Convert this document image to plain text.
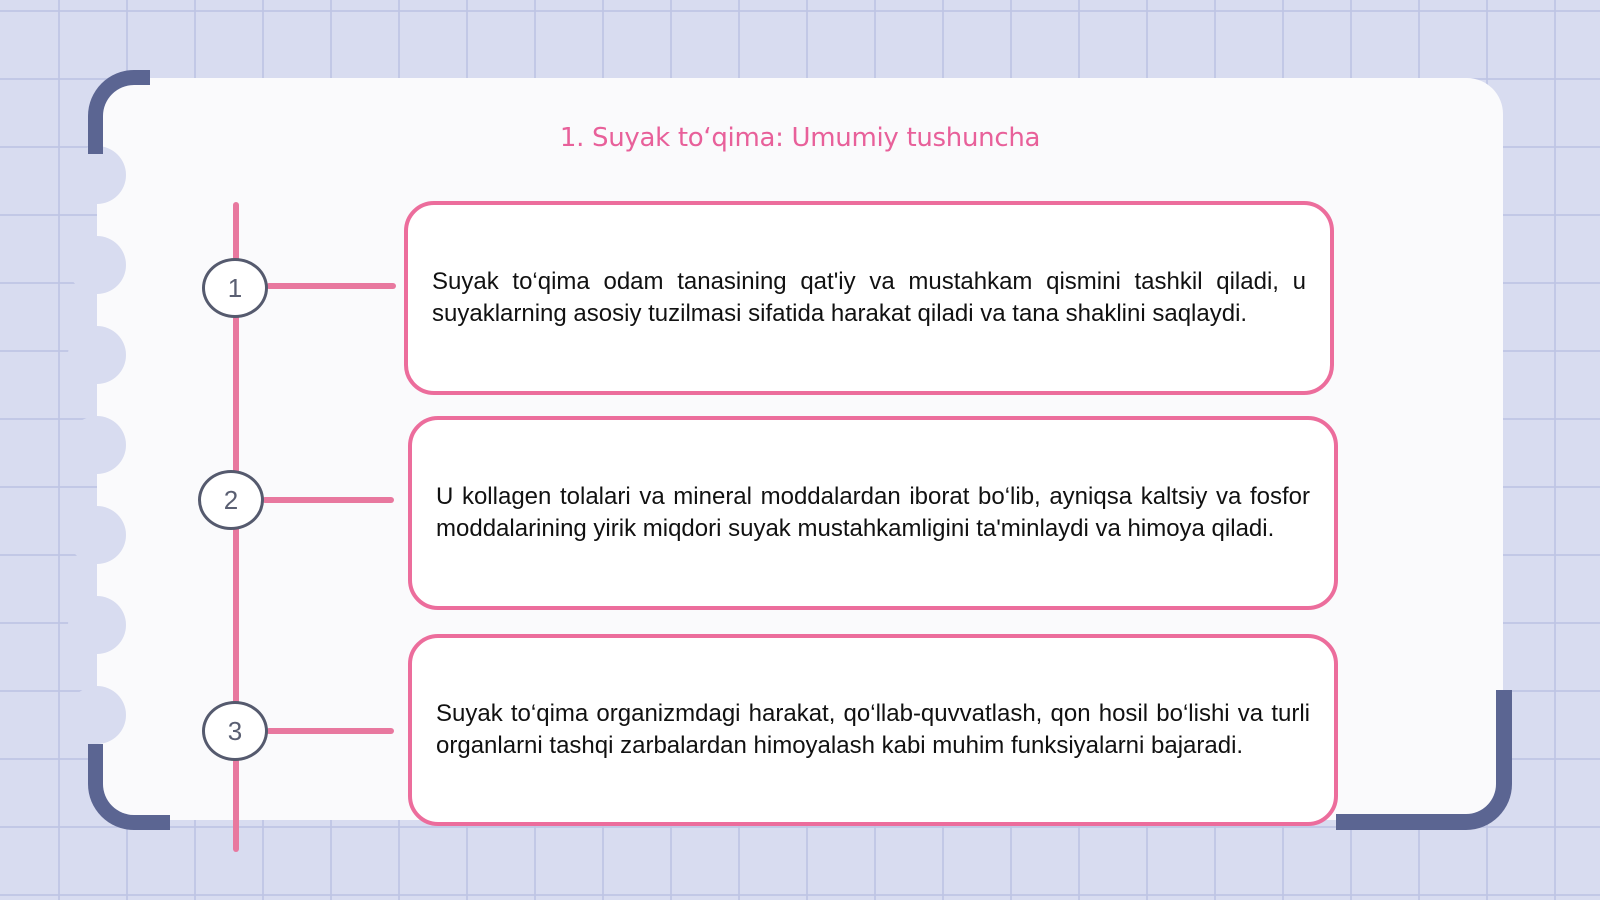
1. Suyak to‘qima: Umumiy tushuncha
1	Suyak to‘qima odam tanasining qat'iy va mustahkam qismini tashkil qiladi, u suyaklarning asosiy tuzilmasi sifatida harakat qiladi va tana shaklini saqlaydi.

2	U kollagen tolalari va mineral moddalardan iborat bo‘lib, ayniqsa kaltsiy va fosfor moddalarining yirik miqdori suyak mustahkamligini ta'minlaydi va himoya qiladi.

3

Suyak to‘qima organizmdagi harakat, qo‘llab-quvvatlash, qon hosil bo‘lishi va turli organlarni tashqi zarbalardan himoyalash kabi muhim funksiyalarni bajaradi.
